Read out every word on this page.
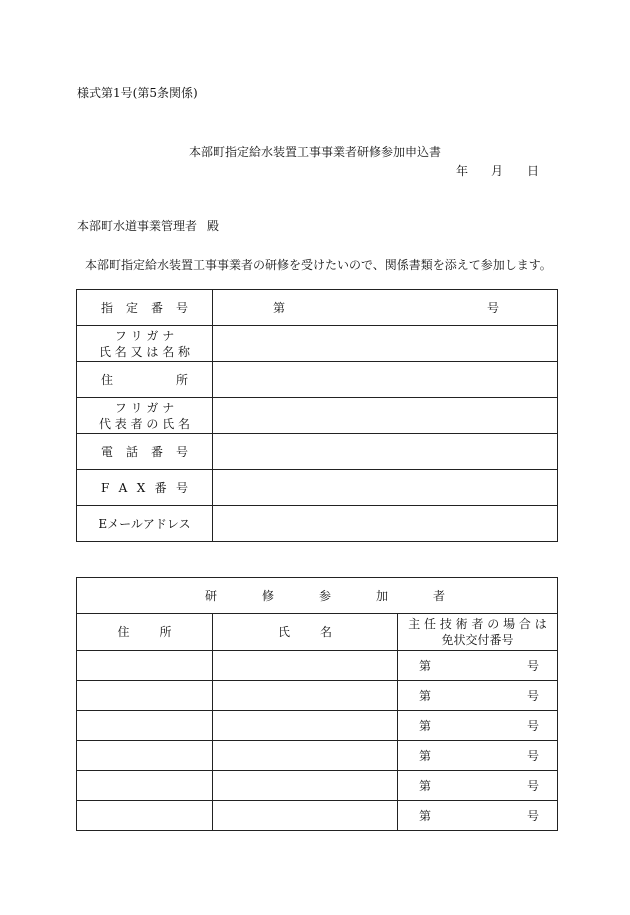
様式第1号(第5条関係)
本部町指定給水装置工事事業者研修参加申込書
年 月 日
本部町水道事業管理者 殿
本部町指定給水装置工事事業者の研修を受けたいので、関係書類を添えて参加します。
指 定 番 号	第 号

フ リ ガ ナ
氏 名 又 は 名 称	

住 所	

フ リ ガ ナ
代 表 者 の 氏 名	

電 話 番 号	

F A X 番 号	

Eメールアドレス	
研 修 参 加 者		

住 所	氏 名	主 任 技 術 者 の 場 合 は
免状交付番号

		第 号

		第 号

		第 号

		第 号

		第 号

		第 号
